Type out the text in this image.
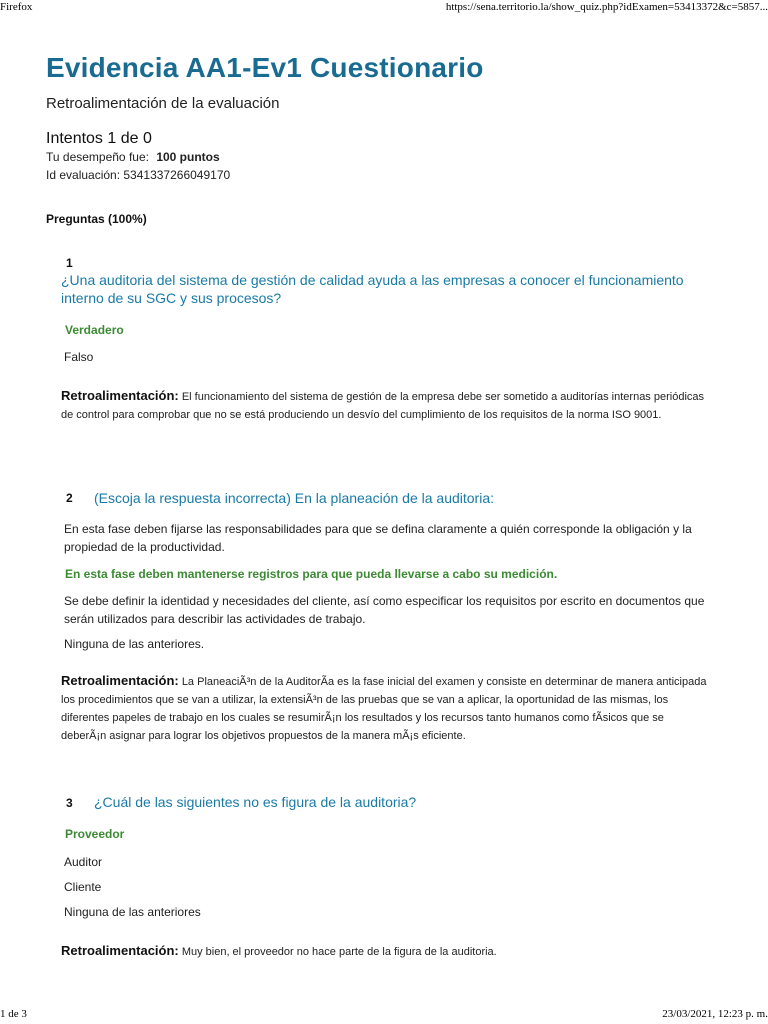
Firefox	https://sena.territorio.la/show_quiz.php?idExamen=53413372&c=5857...
Evidencia AA1-Ev1 Cuestionario
Retroalimentación de la evaluación
Intentos 1 de 0
Tu desempeño fue: 100 puntos
Id evaluación: 5341337266049170
Preguntas (100%)
1
¿Una auditoria del sistema de gestión de calidad ayuda a las empresas a conocer el funcionamiento interno de su SGC y sus procesos?
Verdadero
Falso
Retroalimentación: El funcionamiento del sistema de gestión de la empresa debe ser sometido a auditorías internas periódicas de control para comprobar que no se está produciendo un desvío del cumplimiento de los requisitos de la norma ISO 9001.
2 (Escoja la respuesta incorrecta) En la planeación de la auditoria:
En esta fase deben fijarse las responsabilidades para que se defina claramente a quién corresponde la obligación y la propiedad de la productividad.
En esta fase deben mantenerse registros para que pueda llevarse a cabo su medición.
Se debe definir la identidad y necesidades del cliente, así como especificar los requisitos por escrito en documentos que serán utilizados para describir las actividades de trabajo.
Ninguna de las anteriores.
Retroalimentación: La PlaneaciÃ³n de la AuditorÃa es la fase inicial del examen y consiste en determinar de manera anticipada los procedimientos que se van a utilizar, la extensiÃ³n de las pruebas que se van a aplicar, la oportunidad de las mismas, los diferentes papeles de trabajo en los cuales se resumirÃ¡n los resultados y los recursos tanto humanos como fÃsicos que se deberÃ¡n asignar para lograr los objetivos propuestos de la manera mÃ¡s eficiente.
3 ¿Cuál de las siguientes no es figura de la auditoria?
Proveedor
Auditor
Cliente
Ninguna de las anteriores
Retroalimentación: Muy bien, el proveedor no hace parte de la figura de la auditoria.
1 de 3	23/03/2021, 12:23 p. m.
